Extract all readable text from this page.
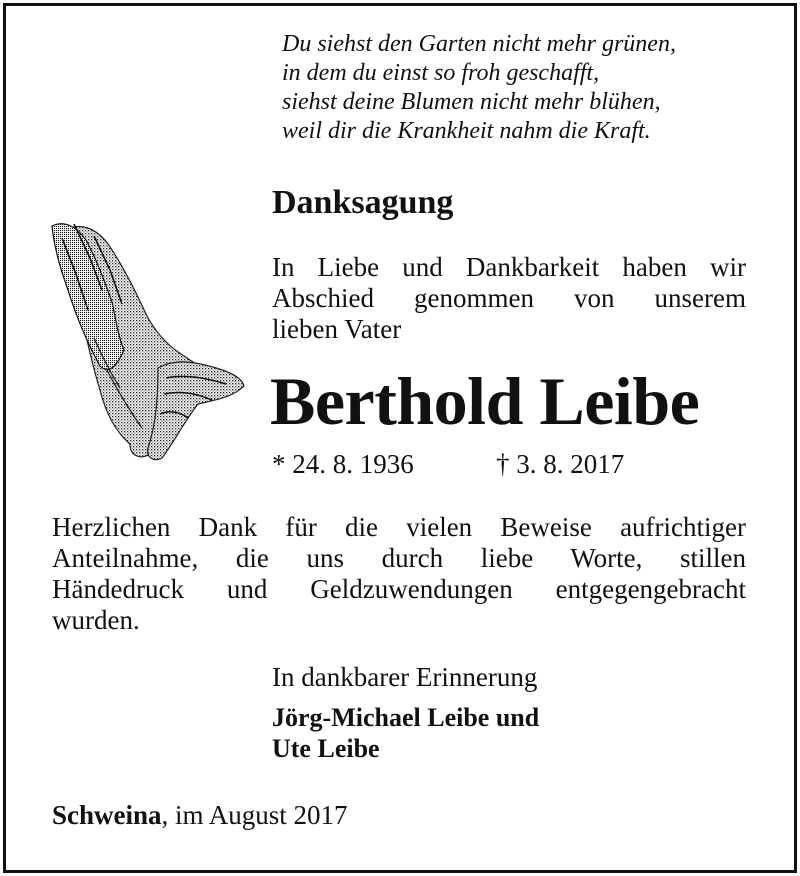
Du siehst den Garten nicht mehr grünen,
in dem du einst so froh geschafft,
siehst deine Blumen nicht mehr blühen,
weil dir die Krankheit nahm die Kraft.
Danksagung
In Liebe und Dankbarkeit haben wir
Abschied genommen von unserem
lieben Vater
Berthold Leibe
* 24. 8. 1936	† 3. 8. 2017
Herzlichen Dank für die vielen Beweise aufrichtiger
Anteilnahme, die uns durch liebe Worte, stillen
Händedruck und Geldzuwendungen entgegengebracht
wurden.
In dankbarer Erinnerung
Jörg-Michael Leibe und
Ute Leibe
Schweina, im August 2017
